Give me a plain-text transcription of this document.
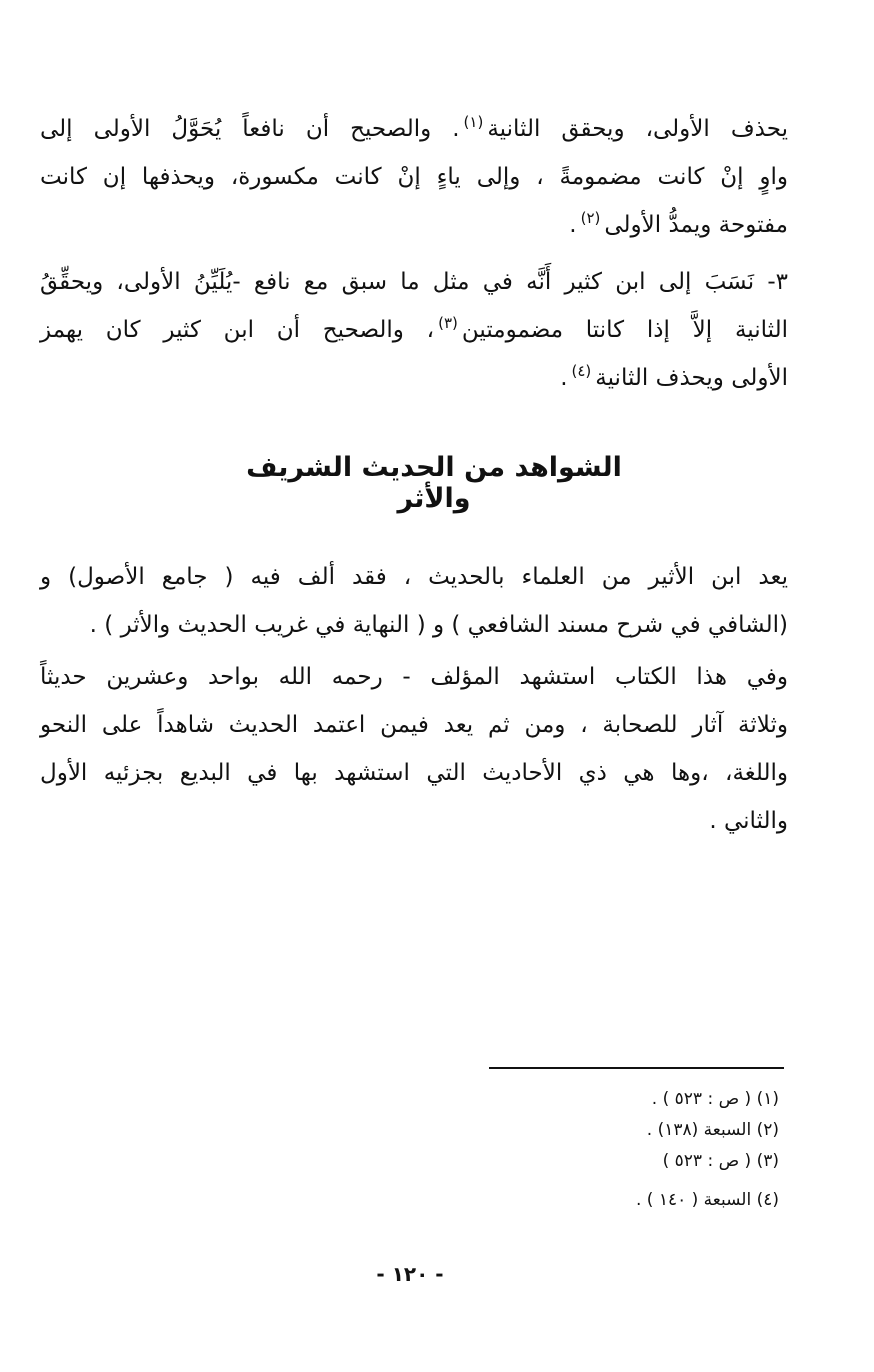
يحذف الأولى، ويحقق الثانية$^{(١)}$. والصحيح أن نافعاً يُحَوَّلُ الأولى إلى
واوٍ إنْ كانت مضمومةً ، وإلى ياءٍ إنْ كانت مكسورة، ويحذفها إن كانت
مفتوحة ويمدُّ الأولى$^{(٢)}$.
٣- نَسَبَ إلى ابن كثير أَنَّه في مثل ما سبق مع نافع -يُلَيِّنُ الأولى، ويحقِّقُ
الثانية إلاَّ إذا كانتا مضمومتين$^{(٣)}$، والصحيح أن ابن كثير كان يهمز
الأولى ويحذف الثانية$^{(٤)}$.
الشواهد من الحديث الشريف والأثر
يعد ابن الأثير من العلماء بالحديث ، فقد ألف فيه ( جامع الأصول) و
(الشافي في شرح مسند الشافعي ) و ( النهاية في غريب الحديث والأثر ) .
وفي هذا الكتاب استشهد المؤلف - رحمه الله بواحد وعشرين حديثاً
وثلاثة آثار للصحابة ، ومن ثم يعد فيمن اعتمد الحديث شاهداً على النحو
واللغة، ،وها هي ذي الأحاديث التي استشهد بها في البديع بجزئيه الأول
والثاني .
(١) ( ص : ٥٢٣ ) .
(٢) السبعة (١٣٨) .
(٣) ( ص : ٥٢٣ )
(٤) السبعة ( ١٤٠ ) .
- ١٢٠ -
